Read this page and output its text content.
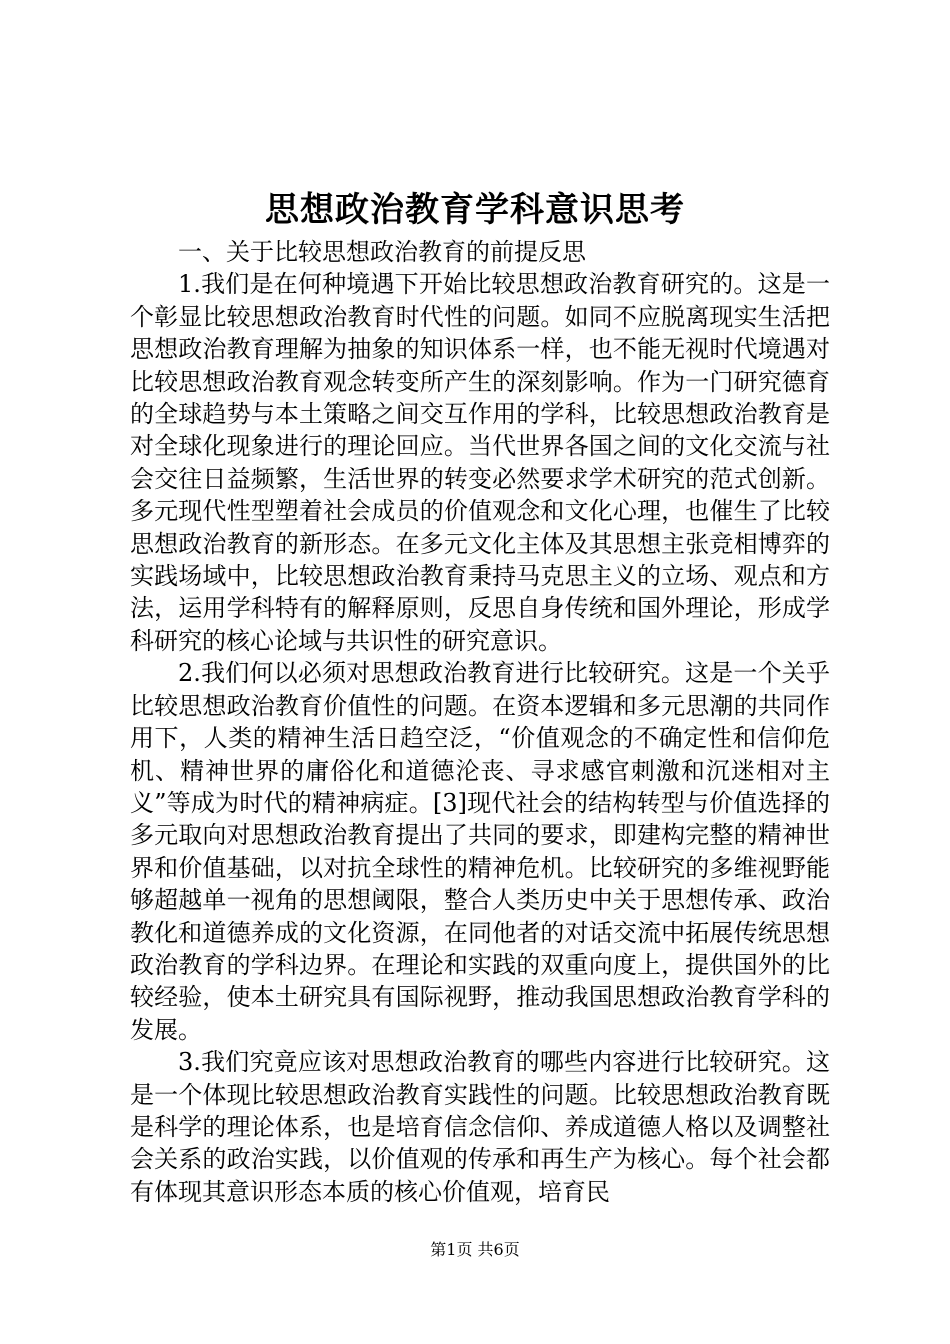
思想政治教育学科意识思考

一、关于比较思想政治教育的前提反思

1.我们是在何种境遇下开始比较思想政治教育研究的。这是一个彰显比较思想政治教育时代性的问题。如同不应脱离现实生活把思想政治教育理解为抽象的知识体系一样，也不能无视时代境遇对比较思想政治教育观念转变所产生的深刻影响。作为一门研究德育的全球趋势与本土策略之间交互作用的学科，比较思想政治教育是对全球化现象进行的理论回应。当代世界各国之间的文化交流与社会交往日益频繁，生活世界的转变必然要求学术研究的范式创新。多元现代性型塑着社会成员的价值观念和文化心理，也催生了比较思想政治教育的新形态。在多元文化主体及其思想主张竞相博弈的实践场域中，比较思想政治教育秉持马克思主义的立场、观点和方法，运用学科特有的解释原则，反思自身传统和国外理论，形成学科研究的核心论域与共识性的研究意识。

2.我们何以必须对思想政治教育进行比较研究。这是一个关乎比较思想政治教育价值性的问题。在资本逻辑和多元思潮的共同作用下，人类的精神生活日趋空泛，“价值观念的不确定性和信仰危机、精神世界的庸俗化和道德沦丧、寻求感官刺激和沉迷相对主义”等成为时代的精神病症。[3]现代社会的结构转型与价值选择的多元取向对思想政治教育提出了共同的要求，即建构完整的精神世界和价值基础，以对抗全球性的精神危机。比较研究的多维视野能够超越单一视角的思想阈限，整合人类历史中关于思想传承、政治教化和道德养成的文化资源，在同他者的对话交流中拓展传统思想政治教育的学科边界。在理论和实践的双重向度上，提供国外的比较经验，使本土研究具有国际视野，推动我国思想政治教育学科的发展。

3.我们究竟应该对思想政治教育的哪些内容进行比较研究。这是一个体现比较思想政治教育实践性的问题。比较思想政治教育既是科学的理论体系，也是培育信念信仰、养成道德人格以及调整社会关系的政治实践，以价值观的传承和再生产为核心。每个社会都有体现其意识形态本质的核心价值观，培育民

第1页 共6页
